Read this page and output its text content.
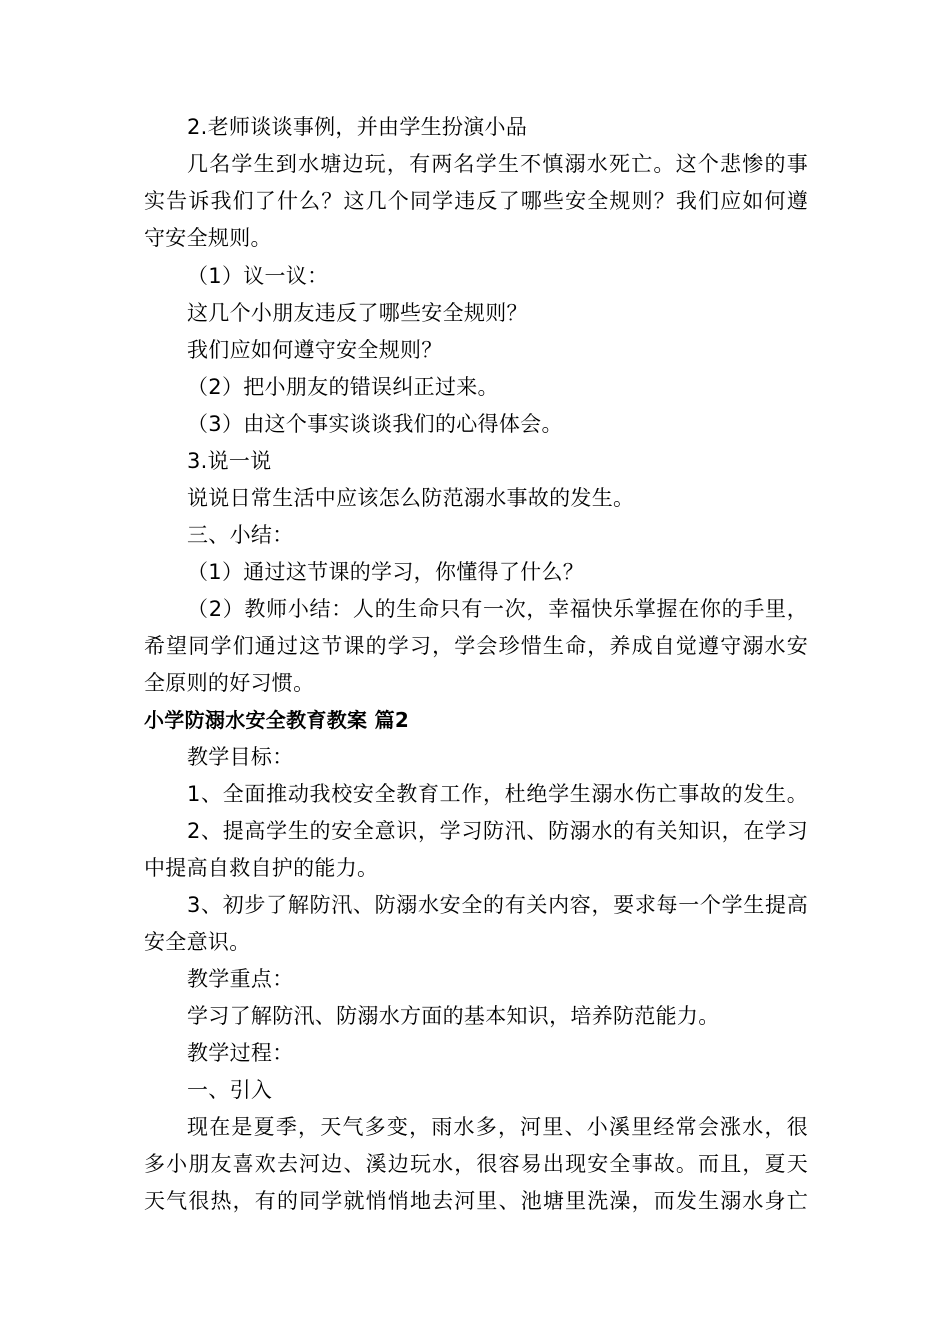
2.老师谈谈事例，并由学生扮演小品
几名学生到水塘边玩，有两名学生不慎溺水死亡。这个悲惨的事
实告诉我们了什么？这几个同学违反了哪些安全规则？我们应如何遵
守安全规则。
（1）议一议：
这几个小朋友违反了哪些安全规则？
我们应如何遵守安全规则？
（2）把小朋友的错误纠正过来。
（3）由这个事实谈谈我们的心得体会。
3.说一说
说说日常生活中应该怎么防范溺水事故的发生。
三、小结：
（1）通过这节课的学习，你懂得了什么？
（2）教师小结：人的生命只有一次，幸福快乐掌握在你的手里，
希望同学们通过这节课的学习，学会珍惜生命，养成自觉遵守溺水安
全原则的好习惯。
小学防溺水安全教育教案 篇2
教学目标：
1、全面推动我校安全教育工作，杜绝学生溺水伤亡事故的发生。
2、提高学生的安全意识，学习防汛、防溺水的有关知识，在学习
中提高自救自护的能力。
3、初步了解防汛、防溺水安全的有关内容，要求每一个学生提高
安全意识。
教学重点：
学习了解防汛、防溺水方面的基本知识，培养防范能力。
教学过程：
一、引入
现在是夏季，天气多变，雨水多，河里、小溪里经常会涨水，很
多小朋友喜欢去河边、溪边玩水，很容易出现安全事故。而且，夏天
天气很热，有的同学就悄悄地去河里、池塘里洗澡，而发生溺水身亡
